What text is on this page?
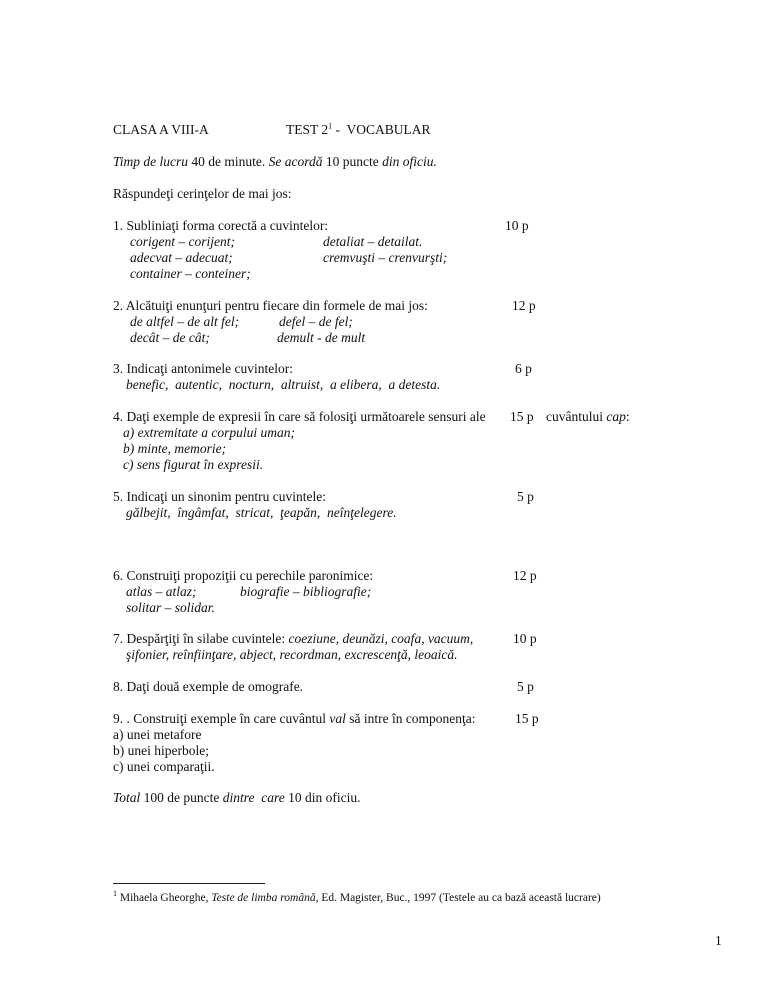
CLASA A VIII-A	TEST $2^1$ -  VOCABULAR
Timp de lucru 40 de minute. Se acordă 10 puncte din oficiu.
Răspundeţi cerinţelor de mai jos:
1. Subliniaţi forma corectă a cuvintelor:	10 p
corigent – corijent;	detaliat – detailat.
adecvat – adecuat;	cremvuşti – crenvurşti;
container – conteiner;
2. Alcătuiţi enunţuri pentru fiecare din formele de mai jos:	12 p
de altfel – de alt fel;	defel – de fel;
decât – de cât;	demult - de mult
3. Indicaţi antonimele cuvintelor:	6 p
benefic,  autentic,  nocturn,  altruist,  a elibera,  a detesta.
4. Daţi exemple de expresii în care să folosiţi următoarele sensuri ale 15 p cuvântului cap:
a) extremitate a corpului uman;
b) minte, memorie;
c) sens figurat în expresii.
5. Indicaţi un sinonim pentru cuvintele:	5 p
gălbejit,  îngâmfat,  stricat,  ţeapăn,  neînţelegere.
6. Construiţi propoziţii cu perechile paronimice:	12 p
atlas – atlaz;	biografie – bibliografie;
solitar – solidar.
7. Despărţiţi în silabe cuvintele: coeziune, deunăzi, coafa, vacuum,	10 p
şifonier, reînfiinţare, abject, recordman, excrescenţă, leoaică.
8. Daţi două exemple de omografe.	5 p
9. . Construiţi exemple în care cuvântul val să intre în componenţa:	15 p
a) unei metafore
b) unei hiperbole;
c) unei comparaţii.
Total 100 de puncte dintre  care 10 din oficiu.
$^1$ Mihaela Gheorghe, Teste de limba română, Ed. Magister, Buc., 1997 (Testele au ca bază această lucrare)
1
